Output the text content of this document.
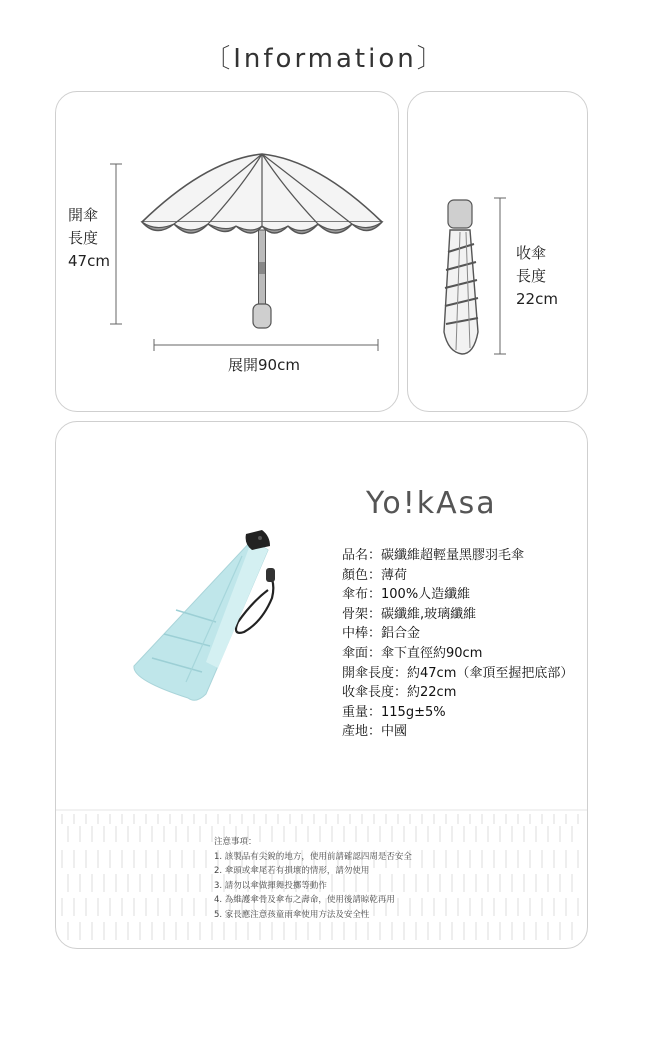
〔Information〕
開傘
長度
47cm
展開90cm
收傘
長度
22cm
Yo!kAsa
品名：碳纖維超輕量黑膠羽毛傘
顏色：薄荷
傘布：100%人造纖維
骨架：碳纖維,玻璃纖維
中棒：鋁合金
傘面：傘下直徑約90cm
開傘長度：約47cm（傘頂至握把底部）
收傘長度：約22cm
重量：115g±5%
產地：中國
注意事項：
1. 該製品有尖銳的地方，使用前請確認四周是否安全
2. 傘頭或傘尾若有損壞的情形，請勿使用
3. 請勿以傘做揮舞投擲等動作
4. 為維護傘骨及傘布之壽命，使用後請晾乾再用
5. 家長應注意孩童雨傘使用方法及安全性
